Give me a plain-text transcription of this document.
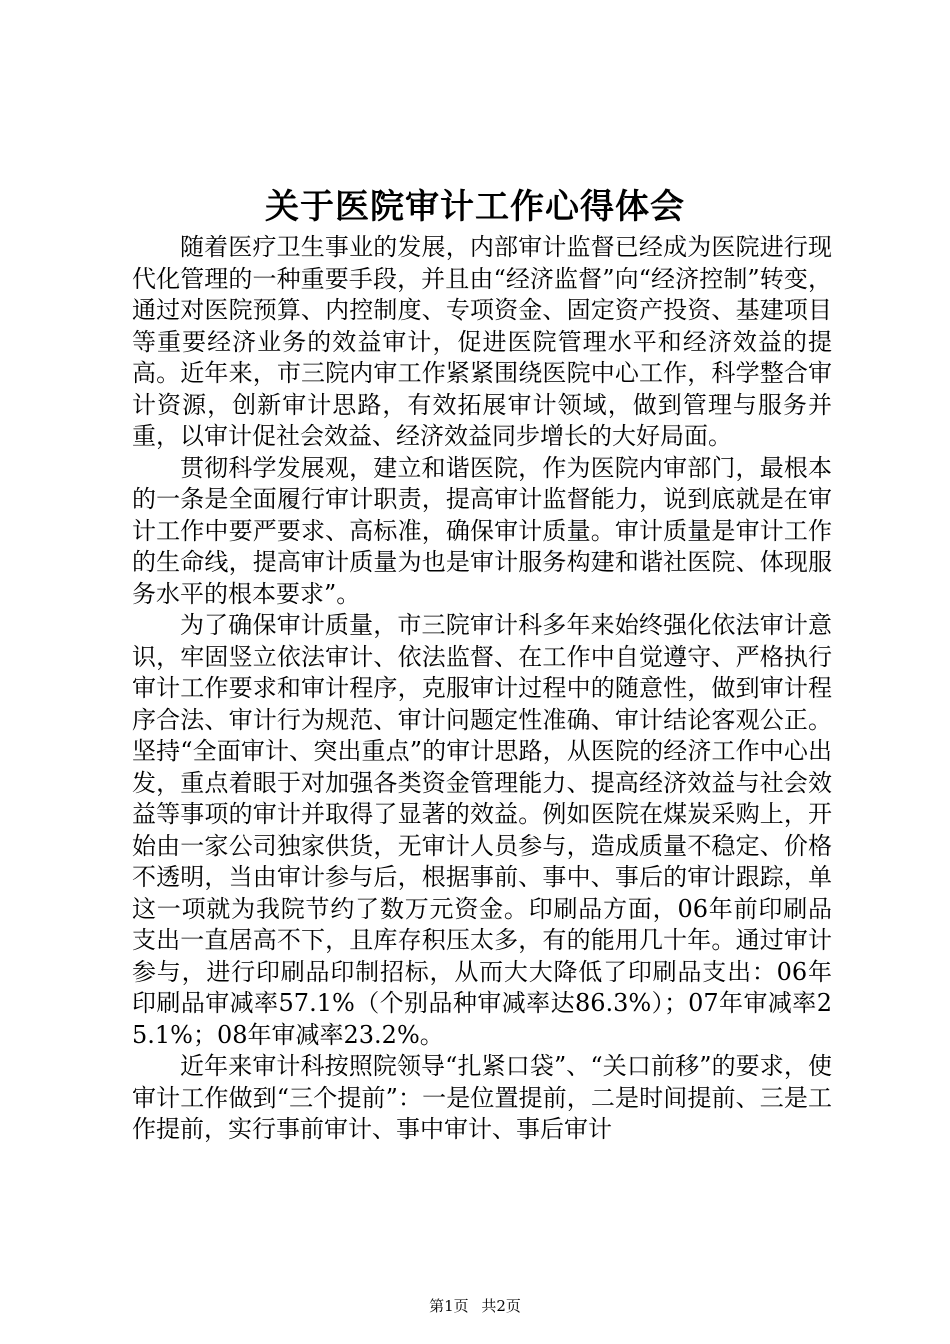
关于医院审计工作心得体会

随着医疗卫生事业的发展，内部审计监督已经成为医院进行现代化管理的一种重要手段，并且由“经济监督”向“经济控制”转变，通过对医院预算、内控制度、专项资金、固定资产投资、基建项目等重要经济业务的效益审计，促进医院管理水平和经济效益的提高。近年来，市三院内审工作紧紧围绕医院中心工作，科学整合审计资源，创新审计思路，有效拓展审计领域，做到管理与服务并重，以审计促社会效益、经济效益同步增长的大好局面。

贯彻科学发展观，建立和谐医院，作为医院内审部门，最根本的一条是全面履行审计职责，提高审计监督能力，说到底就是在审计工作中要严要求、高标准，确保审计质量。审计质量是审计工作的生命线，提高审计质量为也是审计服务构建和谐社医院、体现服务水平的根本要求”。

为了确保审计质量，市三院审计科多年来始终强化依法审计意识，牢固竖立依法审计、依法监督、在工作中自觉遵守、严格执行审计工作要求和审计程序，克服审计过程中的随意性，做到审计程序合法、审计行为规范、审计问题定性准确、审计结论客观公正。坚持“全面审计、突出重点”的审计思路，从医院的经济工作中心出发，重点着眼于对加强各类资金管理能力、提高经济效益与社会效益等事项的审计并取得了显著的效益。例如医院在煤炭采购上，开始由一家公司独家供货，无审计人员参与，造成质量不稳定、价格不透明，当由审计参与后，根据事前、事中、事后的审计跟踪，单这一项就为我院节约了数万元资金。印刷品方面，06年前印刷品支出一直居高不下，且库存积压太多，有的能用几十年。通过审计参与，进行印刷品印制招标，从而大大降低了印刷品支出：06年印刷品审减率57.1%（个别品种审减率达86.3%）；07年审减率25.1%；08年审减率23.2%。

近年来审计科按照院领导“扎紧口袋”、“关口前移”的要求，使审计工作做到“三个提前”：一是位置提前，二是时间提前、三是工作提前，实行事前审计、事中审计、事后审计

第1页 共2页
